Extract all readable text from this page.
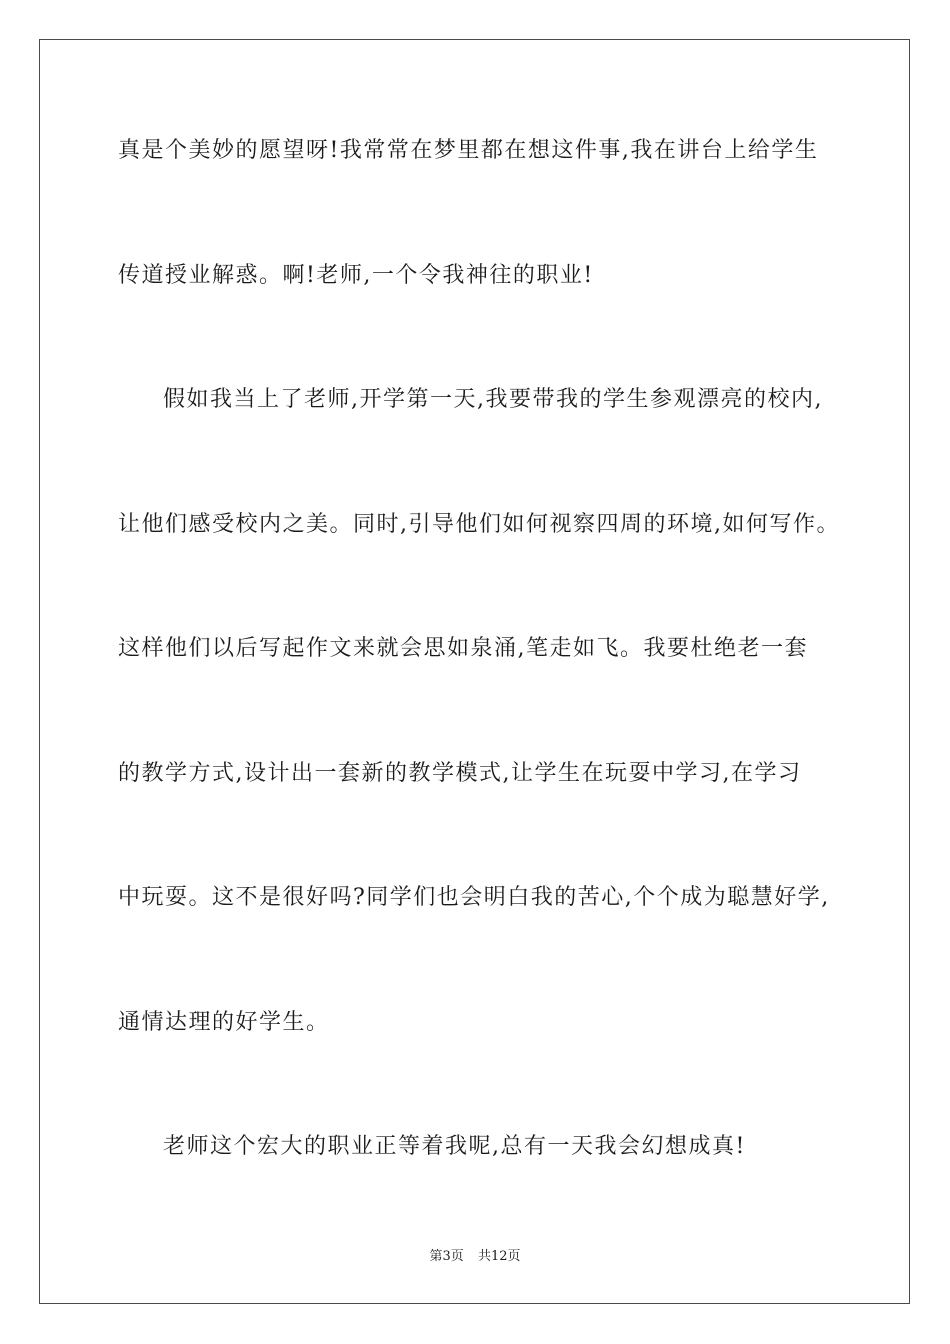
真是个美妙的愿望呀!我常常在梦里都在想这件事,我在讲台上给学生
传道授业解惑。啊!老师,一个令我神往的职业!
假如我当上了老师,开学第一天,我要带我的学生参观漂亮的校内,
让他们感受校内之美。同时,引导他们如何视察四周的环境,如何写作。
这样他们以后写起作文来就会思如泉涌,笔走如飞。我要杜绝老一套
的教学方式,设计出一套新的教学模式,让学生在玩耍中学习,在学习
中玩耍。这不是很好吗?同学们也会明白我的苦心,个个成为聪慧好学,
通情达理的好学生。
老师这个宏大的职业正等着我呢,总有一天我会幻想成真!
第3页 共12页
